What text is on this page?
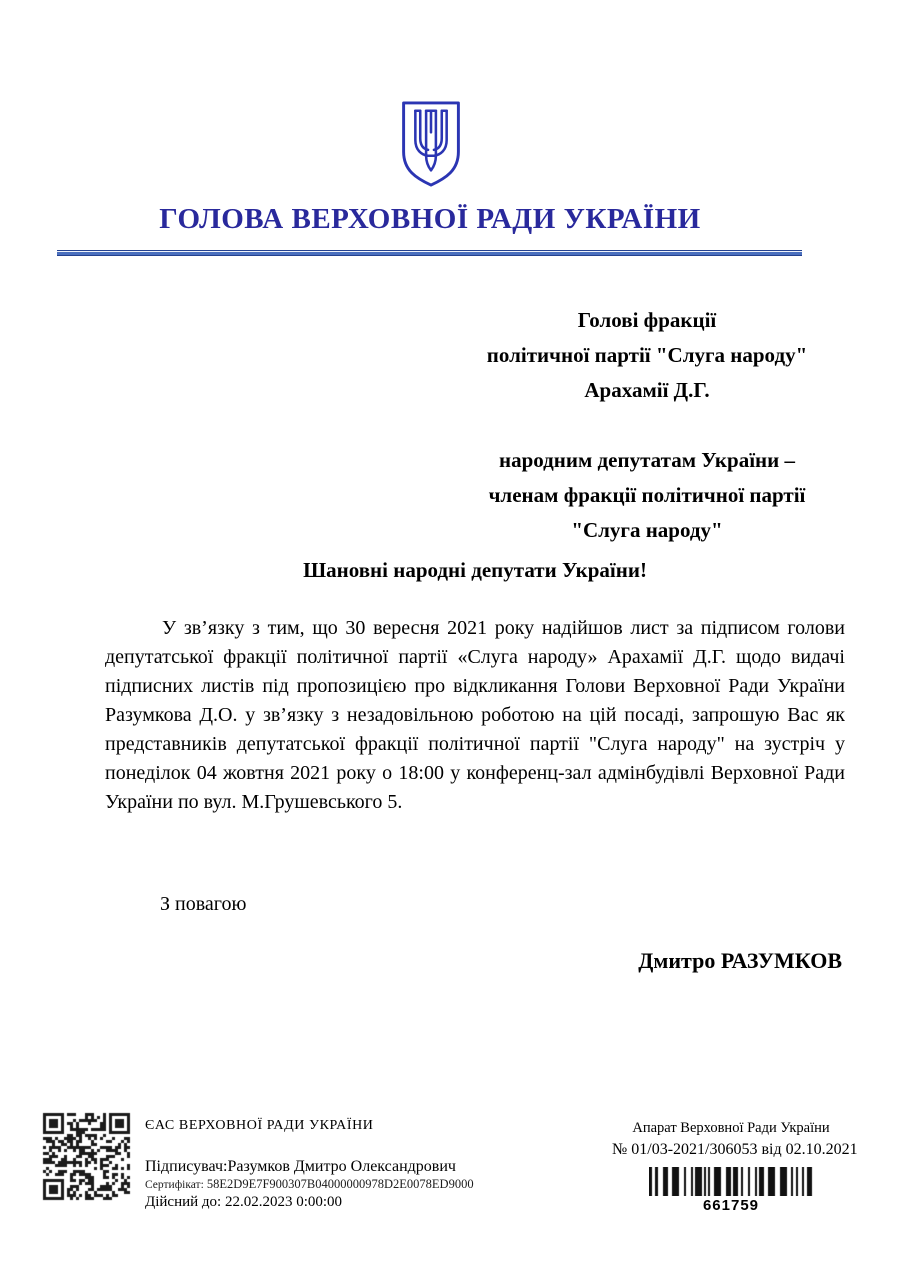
ГОЛОВА ВЕРХОВНОЇ РАДИ УКРАЇНИ
Голові фракції
політичної партії "Слуга народу"
Арахамії Д.Г.
народним депутатам України –
членам фракції політичної партії
"Слуга народу"

Шановні народні депутати України!

У зв’язку з тим, що 30 вересня 2021 року надійшов лист за підписом голови депутатської фракції політичної партії «Слуга народу» Арахамії Д.Г. щодо видачі підписних листів під пропозицією про відкликання Голови Верховної Ради України Разумкова Д.О. у зв’язку з незадовільною роботою на цій посаді, запрошую Вас як представників депутатської фракції політичної партії "Слуга народу" на зустріч у понеділок 04 жовтня 2021 року о 18:00 у конференц-зал адмінбудівлі Верховної Ради України по вул. М.Грушевського 5.

З повагою

Дмитро РАЗУМКОВ

ЄАС ВЕРХОВНОЇ РАДИ УКРАЇНИ

Підписувач:Разумков Дмитро Олександрович

Сертифікат: 58E2D9E7F900307B04000000978D2E0078ED9000

Дійсний до: 22.02.2023 0:00:00

Апарат Верховної Ради України

№ 01/03-2021/306053 від 02.10.2021

661759
